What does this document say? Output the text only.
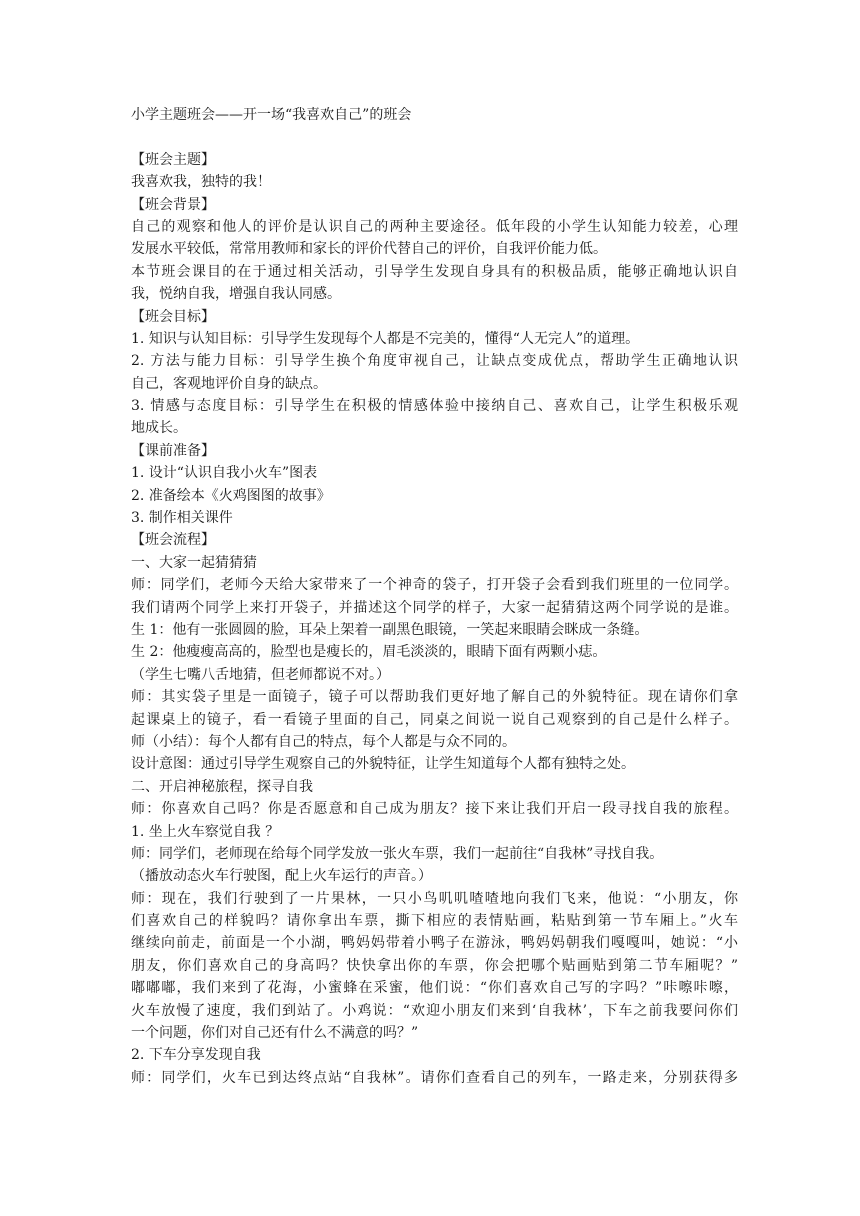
小学主题班会——开一场“我喜欢自己”的班会
【班会主题】
我喜欢我，独特的我！
【班会背景】
自己的观察和他人的评价是认识自己的两种主要途径。低年段的小学生认知能力较差，心理
发展水平较低，常常用教师和家长的评价代替自己的评价，自我评价能力低。
本节班会课目的在于通过相关活动，引导学生发现自身具有的积极品质，能够正确地认识自
我，悦纳自我，增强自我认同感。
【班会目标】
1. 知识与认知目标：引导学生发现每个人都是不完美的，懂得“人无完人”的道理。
2. 方法与能力目标：引导学生换个角度审视自己，让缺点变成优点，帮助学生正确地认识
自己，客观地评价自身的缺点。
3. 情感与态度目标：引导学生在积极的情感体验中接纳自己、喜欢自己，让学生积极乐观
地成长。
【课前准备】
1. 设计“认识自我小火车”图表
2. 准备绘本《火鸡图图的故事》
3. 制作相关课件
【班会流程】
一、大家一起猜猜猜
师：同学们，老师今天给大家带来了一个神奇的袋子，打开袋子会看到我们班里的一位同学。
我们请两个同学上来打开袋子，并描述这个同学的样子，大家一起猜猜这两个同学说的是谁。
生 1：他有一张圆圆的脸，耳朵上架着一副黑色眼镜，一笑起来眼睛会眯成一条缝。
生 2：他瘦瘦高高的，脸型也是瘦长的，眉毛淡淡的，眼睛下面有两颗小痣。
（学生七嘴八舌地猜，但老师都说不对。）
师：其实袋子里是一面镜子，镜子可以帮助我们更好地了解自己的外貌特征。现在请你们拿
起课桌上的镜子，看一看镜子里面的自己，同桌之间说一说自己观察到的自己是什么样子。
师（小结）：每个人都有自己的特点，每个人都是与众不同的。
设计意图：通过引导学生观察自己的外貌特征，让学生知道每个人都有独特之处。
二、开启神秘旅程，探寻自我
师：你喜欢自己吗？你是否愿意和自己成为朋友？接下来让我们开启一段寻找自我的旅程。
1. 坐上火车察觉自我 ？
师：同学们，老师现在给每个同学发放一张火车票，我们一起前往“自我林”寻找自我。
（播放动态火车行驶图，配上火车运行的声音。）
师：现在，我们行驶到了一片果林，一只小鸟叽叽喳喳地向我们飞来，他说：“小朋友，你
们喜欢自己的样貌吗？请你拿出车票，撕下相应的表情贴画，粘贴到第一节车厢上。”火车
继续向前走，前面是一个小湖，鸭妈妈带着小鸭子在游泳，鸭妈妈朝我们嘎嘎叫，她说：“小
朋友，你们喜欢自己的身高吗？快快拿出你的车票，你会把哪个贴画贴到第二节车厢呢？”
嘟嘟嘟，我们来到了花海，小蜜蜂在采蜜，他们说：“你们喜欢自己写的字吗？”咔嚓咔嚓，
火车放慢了速度，我们到站了。小鸡说：“欢迎小朋友们来到‘自我林’，下车之前我要问你们
一个问题，你们对自己还有什么不满意的吗？”
2. 下车分享发现自我
师：同学们，火车已到达终点站“自我林”。请你们查看自己的列车，一路走来，分别获得多
